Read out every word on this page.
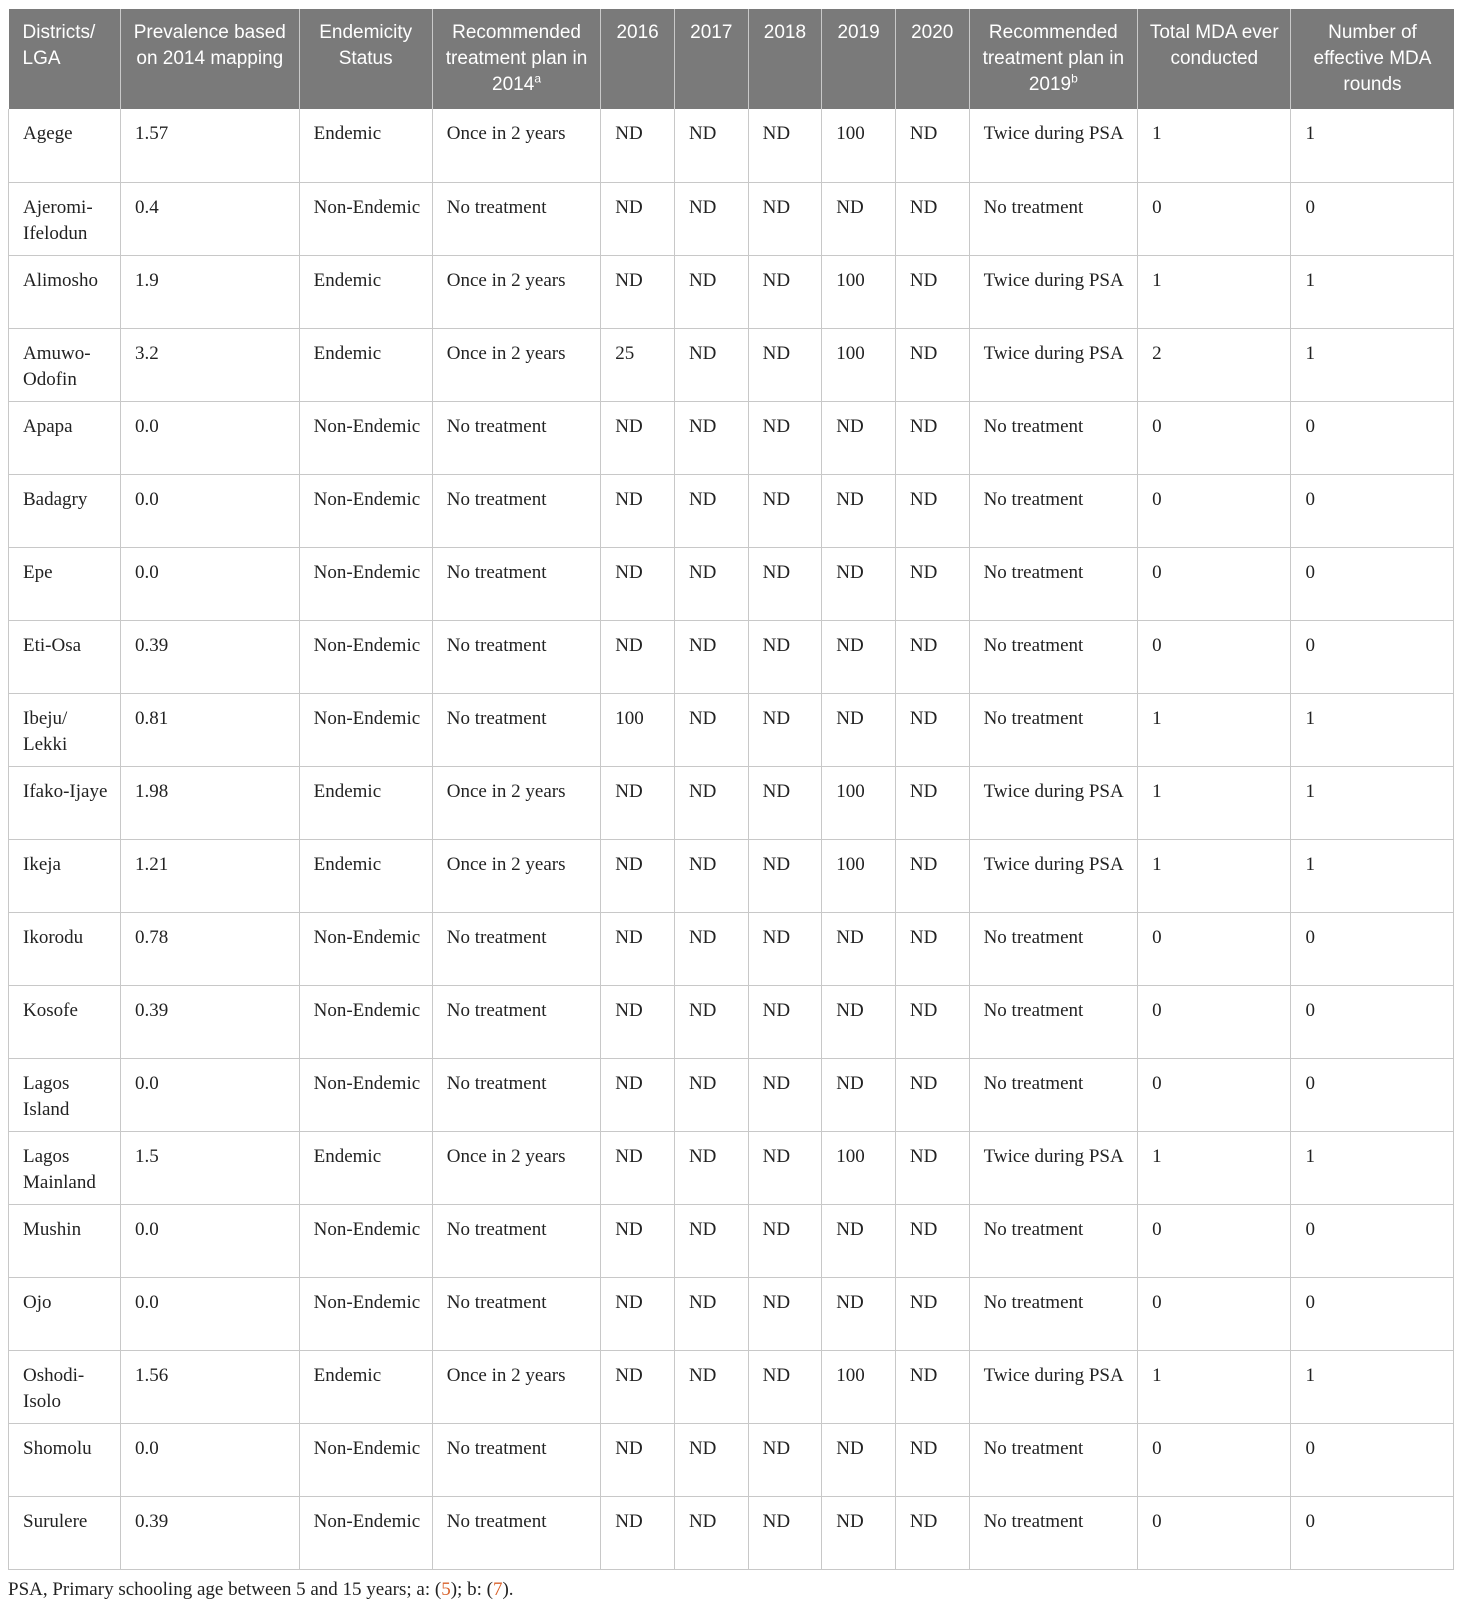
Districts/ LGA	Prevalence based on 2014 mapping	Endemicity Status	Recommended treatment plan in 2014$^a$	2016	2017	2018	2019	2020	Recommended treatment plan in 2019$^b$	Total MDA ever conducted	Number of effective MDA rounds
Agege	1.57	Endemic	Once in 2 years	ND	ND	ND	100	ND	Twice during PSA	1	1
Ajeromi-Ifelodun	0.4	Non-Endemic	No treatment	ND	ND	ND	ND	ND	No treatment	0	0
Alimosho	1.9	Endemic	Once in 2 years	ND	ND	ND	100	ND	Twice during PSA	1	1
Amuwo-Odofin	3.2	Endemic	Once in 2 years	25	ND	ND	100	ND	Twice during PSA	2	1
Apapa	0.0	Non-Endemic	No treatment	ND	ND	ND	ND	ND	No treatment	0	0
Badagry	0.0	Non-Endemic	No treatment	ND	ND	ND	ND	ND	No treatment	0	0
Epe	0.0	Non-Endemic	No treatment	ND	ND	ND	ND	ND	No treatment	0	0
Eti-Osa	0.39	Non-Endemic	No treatment	ND	ND	ND	ND	ND	No treatment	0	0
Ibeju/ Lekki	0.81	Non-Endemic	No treatment	100	ND	ND	ND	ND	No treatment	1	1
Ifako-Ijaye	1.98	Endemic	Once in 2 years	ND	ND	ND	100	ND	Twice during PSA	1	1
Ikeja	1.21	Endemic	Once in 2 years	ND	ND	ND	100	ND	Twice during PSA	1	1
Ikorodu	0.78	Non-Endemic	No treatment	ND	ND	ND	ND	ND	No treatment	0	0
Kosofe	0.39	Non-Endemic	No treatment	ND	ND	ND	ND	ND	No treatment	0	0
Lagos Island	0.0	Non-Endemic	No treatment	ND	ND	ND	ND	ND	No treatment	0	0
Lagos Mainland	1.5	Endemic	Once in 2 years	ND	ND	ND	100	ND	Twice during PSA	1	1
Mushin	0.0	Non-Endemic	No treatment	ND	ND	ND	ND	ND	No treatment	0	0
Ojo	0.0	Non-Endemic	No treatment	ND	ND	ND	ND	ND	No treatment	0	0
Oshodi-Isolo	1.56	Endemic	Once in 2 years	ND	ND	ND	100	ND	Twice during PSA	1	1
Shomolu	0.0	Non-Endemic	No treatment	ND	ND	ND	ND	ND	No treatment	0	0
Surulere	0.39	Non-Endemic	No treatment	ND	ND	ND	ND	ND	No treatment	0	0
PSA, Primary schooling age between 5 and 15 years; a: (5); b: (7).
